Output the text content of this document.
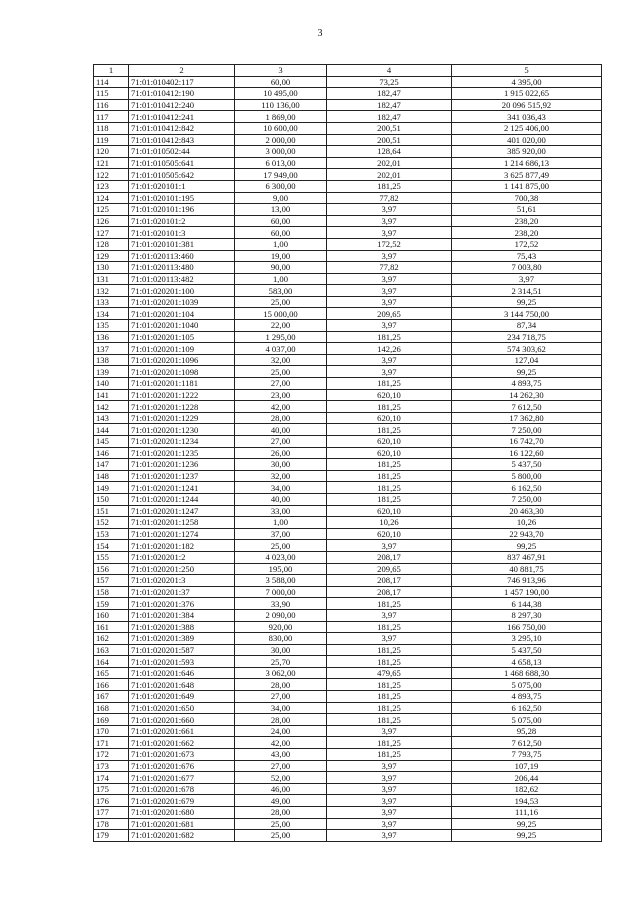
3
1	2	3	4	5
114	71:01:010402:117	60,00	73,25	4 395,00
115	71:01:010412:190	10 495,00	182,47	1 915 022,65
116	71:01:010412:240	110 136,00	182,47	20 096 515,92
117	71:01:010412:241	1 869,00	182,47	341 036,43
118	71:01:010412:842	10 600,00	200,51	2 125 406,00
119	71:01:010412:843	2 000,00	200,51	401 020,00
120	71:01:010502:44	3 000,00	128,64	385 920,00
121	71:01:010505:641	6 013,00	202,01	1 214 686,13
122	71:01:010505:642	17 949,00	202,01	3 625 877,49
123	71:01:020101:1	6 300,00	181,25	1 141 875,00
124	71:01:020101:195	9,00	77,82	700,38
125	71:01:020101:196	13,00	3,97	51,61
126	71:01:020101:2	60,00	3,97	238,20
127	71:01:020101:3	60,00	3,97	238,20
128	71:01:020101:381	1,00	172,52	172,52
129	71:01:020113:460	19,00	3,97	75,43
130	71:01:020113:480	90,00	77,82	7 003,80
131	71:01:020113:482	1,00	3,97	3,97
132	71:01:020201:100	583,00	3,97	2 314,51
133	71:01:020201:1039	25,00	3,97	99,25
134	71:01:020201:104	15 000,00	209,65	3 144 750,00
135	71:01:020201:1040	22,00	3,97	87,34
136	71:01:020201:105	1 295,00	181,25	234 718,75
137	71:01:020201:109	4 037,00	142,26	574 303,62
138	71:01:020201:1096	32,00	3,97	127,04
139	71:01:020201:1098	25,00	3,97	99,25
140	71:01:020201:1181	27,00	181,25	4 893,75
141	71:01:020201:1222	23,00	620,10	14 262,30
142	71:01:020201:1228	42,00	181,25	7 612,50
143	71:01:020201:1229	28,00	620,10	17 362,80
144	71:01:020201:1230	40,00	181,25	7 250,00
145	71:01:020201:1234	27,00	620,10	16 742,70
146	71:01:020201:1235	26,00	620,10	16 122,60
147	71:01:020201:1236	30,00	181,25	5 437,50
148	71:01:020201:1237	32,00	181,25	5 800,00
149	71:01:020201:1241	34,00	181,25	6 162,50
150	71:01:020201:1244	40,00	181,25	7 250,00
151	71:01:020201:1247	33,00	620,10	20 463,30
152	71:01:020201:1258	1,00	10,26	10,26
153	71:01:020201:1274	37,00	620,10	22 943,70
154	71:01:020201:182	25,00	3,97	99,25
155	71:01:020201:2	4 023,00	208,17	837 467,91
156	71:01:020201:250	195,00	209,65	40 881,75
157	71:01:020201:3	3 588,00	208,17	746 913,96
158	71:01:020201:37	7 000,00	208,17	1 457 190,00
159	71:01:020201:376	33,90	181,25	6 144,38
160	71:01:020201:384	2 090,00	3,97	8 297,30
161	71:01:020201:388	920,00	181,25	166 750,00
162	71:01:020201:389	830,00	3,97	3 295,10
163	71:01:020201:587	30,00	181,25	5 437,50
164	71:01:020201:593	25,70	181,25	4 658,13
165	71:01:020201:646	3 062,00	479,65	1 468 688,30
166	71:01:020201:648	28,00	181,25	5 075,00
167	71:01:020201:649	27,00	181,25	4 893,75
168	71:01:020201:650	34,00	181,25	6 162,50
169	71:01:020201:660	28,00	181,25	5 075,00
170	71:01:020201:661	24,00	3,97	95,28
171	71:01:020201:662	42,00	181,25	7 612,50
172	71:01:020201:673	43,00	181,25	7 793,75
173	71:01:020201:676	27,00	3,97	107,19
174	71:01:020201:677	52,00	3,97	206,44
175	71:01:020201:678	46,00	3,97	182,62
176	71:01:020201:679	49,00	3,97	194,53
177	71:01:020201:680	28,00	3,97	111,16
178	71:01:020201:681	25,00	3,97	99,25
179	71:01:020201:682	25,00	3,97	99,25
